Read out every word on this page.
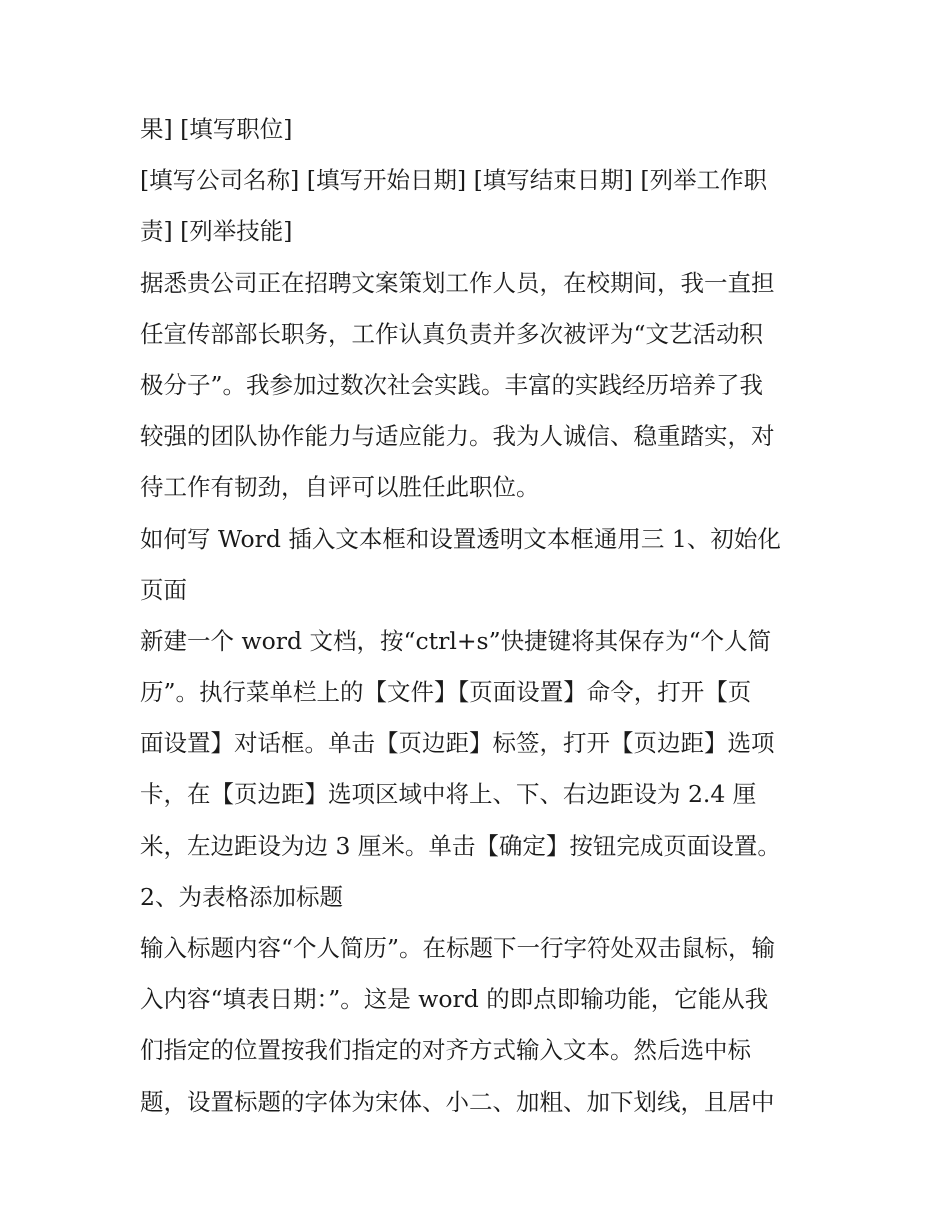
果] [填写职位]
[填写公司名称] [填写开始日期] [填写结束日期] [列举工作职
责] [列举技能]
据悉贵公司正在招聘文案策划工作人员，在校期间，我一直担
任宣传部部长职务，工作认真负责并多次被评为“文艺活动积
极分子”。我参加过数次社会实践。丰富的实践经历培养了我
较强的团队协作能力与适应能力。我为人诚信、稳重踏实，对
待工作有韧劲，自评可以胜任此职位。
如何写 Word 插入文本框和设置透明文本框通用三 1、初始化
页面
新建一个 word 文档，按“ctrl+s”快捷键将其保存为“个人简
历”。执行菜单栏上的【文件】【页面设置】命令，打开【页
面设置】对话框。单击【页边距】标签，打开【页边距】选项
卡，在【页边距】选项区域中将上、下、右边距设为 2.4 厘
米，左边距设为边 3 厘米。单击【确定】按钮完成页面设置。
2、为表格添加标题
输入标题内容“个人简历”。在标题下一行字符处双击鼠标，输
入内容“填表日期：”。这是 word 的即点即输功能，它能从我
们指定的位置按我们指定的对齐方式输入文本。然后选中标
题，设置标题的字体为宋体、小二、加粗、加下划线，且居中
